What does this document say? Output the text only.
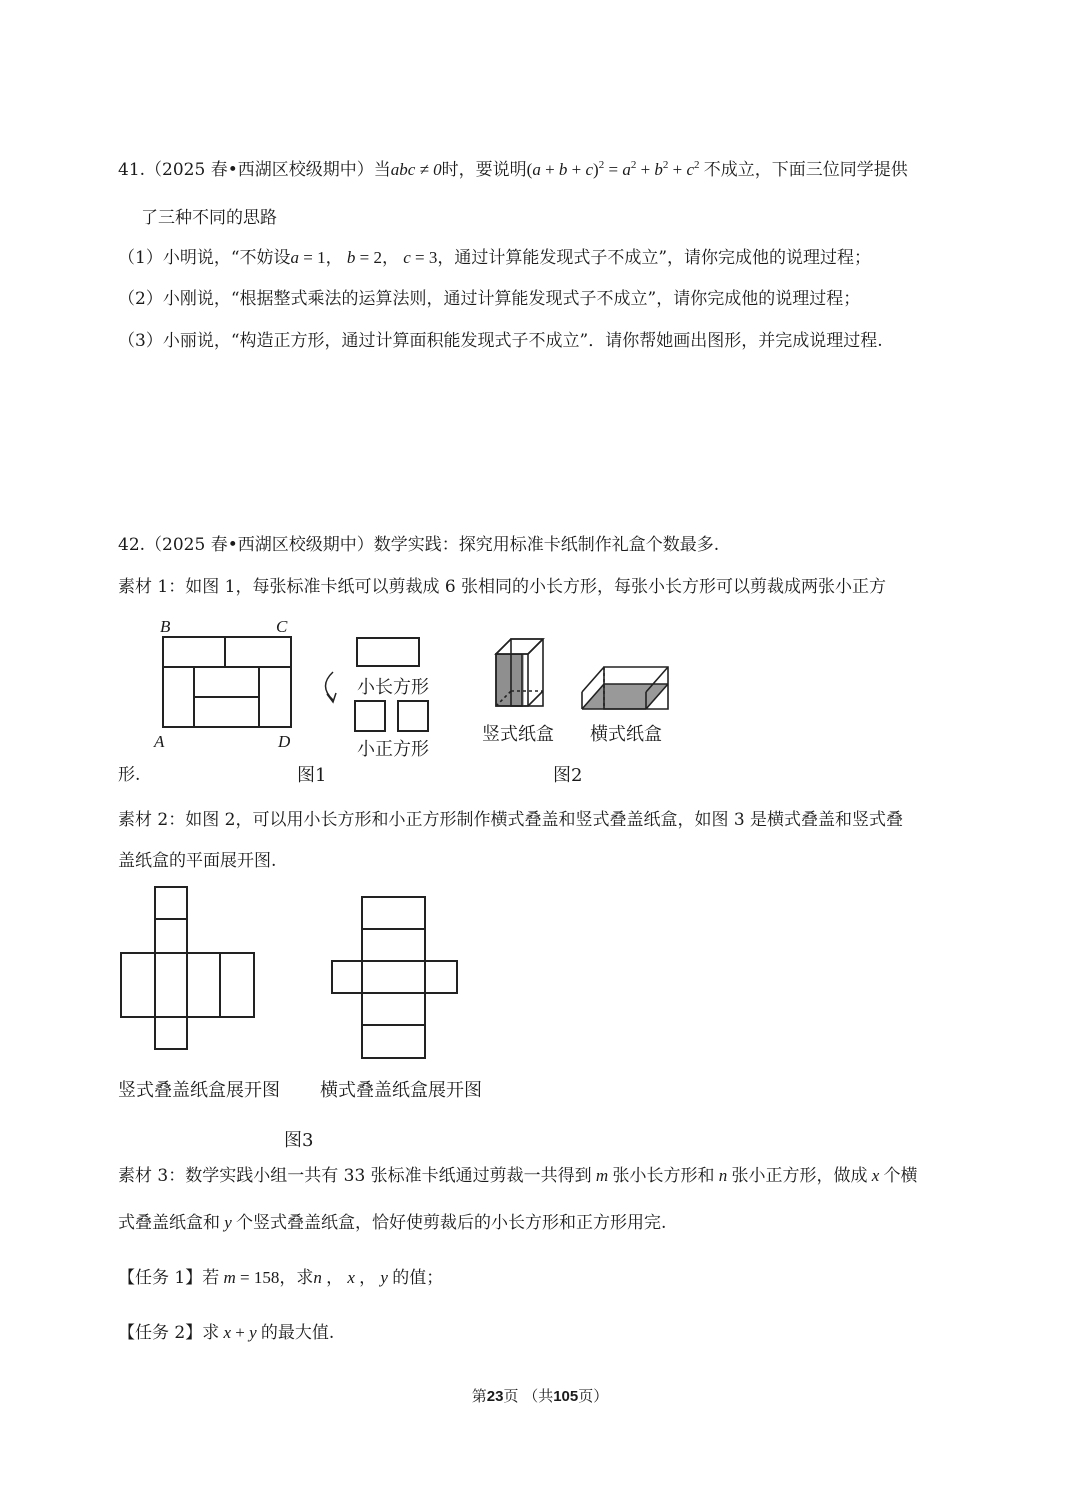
41.（2025 春•西湖区校级期中）当abc ≠ 0时，要说明$(a + b + c)^2 = a^2 + b^2 + c^2$ 不成立，下面三位同学提供
了三种不同的思路
（1）小明说，“不妨设a = 1， b = 2， c = 3，通过计算能发现式子不成立”，请你完成他的说理过程；
（2）小刚说，“根据整式乘法的运算法则，通过计算能发现式子不成立”，请你完成他的说理过程；
（3）小丽说，“构造正方形，通过计算面积能发现式子不成立”．请你帮她画出图形，并完成说理过程.
42.（2025 春•西湖区校级期中）数学实践：探究用标准卡纸制作礼盒个数最多.
素材 1：如图 1，每张标准卡纸可以剪裁成 6 张相同的小长方形，每张小长方形可以剪裁成两张小正方
B	C
A	D
小长方形
小正方形
图1
形.
竖式纸盒 横式纸盒
图2
素材 2：如图 2，可以用小长方形和小正方形制作横式叠盖和竖式叠盖纸盒，如图 3 是横式叠盖和竖式叠
盖纸盒的平面展开图.
竖式叠盖纸盒展开图 横式叠盖纸盒展开图
图3
素材 3：数学实践小组一共有 33 张标准卡纸通过剪裁一共得到 m 张小长方形和 n 张小正方形，做成 x 个横
式叠盖纸盒和 y 个竖式叠盖纸盒，恰好使剪裁后的小长方形和正方形用完.
【任务 1】若 m = 158，求n ， x ， y 的值；
【任务 2】求 x + y 的最大值.
第23页 （共105页）
